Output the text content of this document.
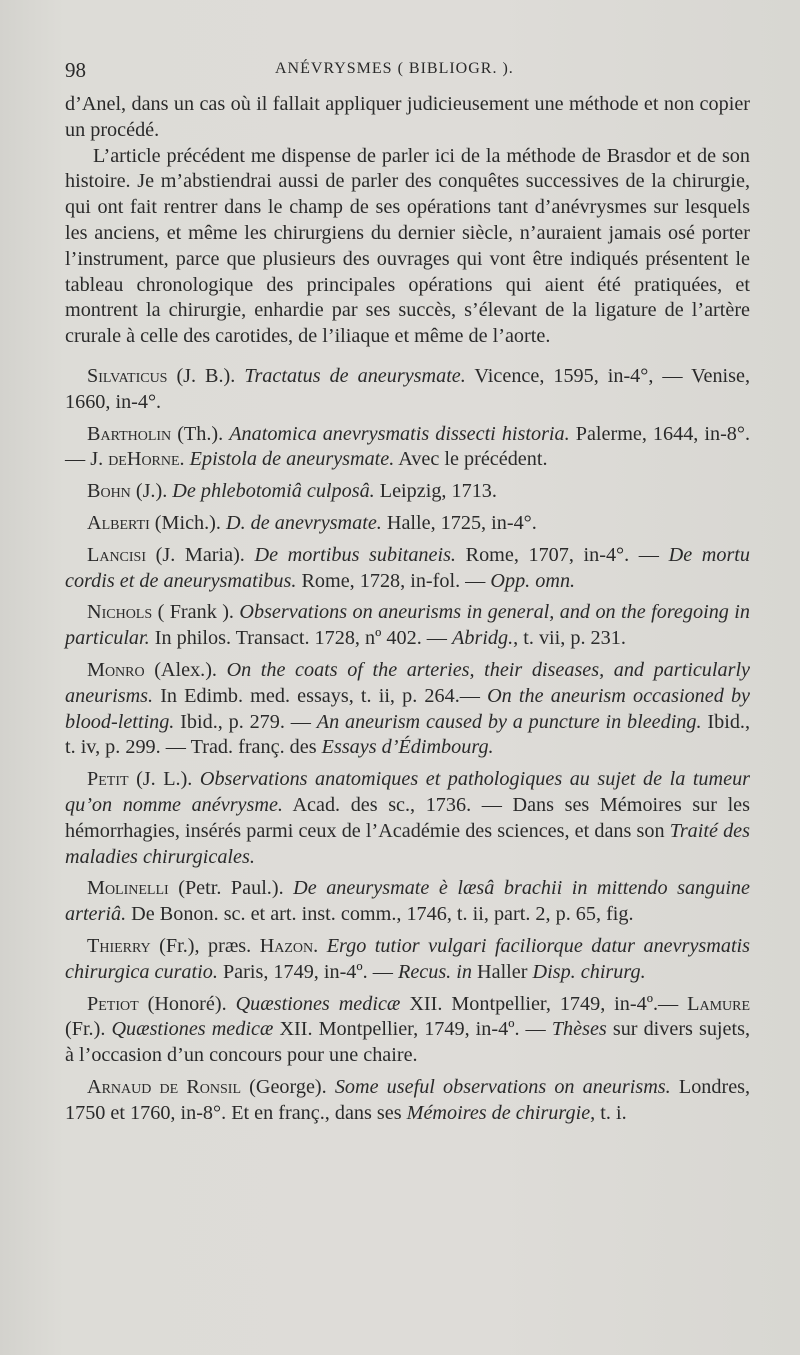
98	ANÉVRYSMES ( BIBLIOGR. ).

d’Anel, dans un cas où il fallait appliquer judicieusement une méthode et non copier un procédé.

L’article précédent me dispense de parler ici de la méthode de Brasdor et de son histoire. Je m’abstiendrai aussi de parler des conquêtes successives de la chirurgie, qui ont fait rentrer dans le champ de ses opérations tant d’anévrysmes sur lesquels les anciens, et même les chirurgiens du dernier siècle, n’auraient jamais osé porter l’instrument, parce que plusieurs des ouvrages qui vont être indiqués présentent le tableau chronologique des principales opérations qui aient été pratiquées, et montrent la chirurgie, enhardie par ses succès, s’élevant de la ligature de l’artère crurale à celle des carotides, de l’iliaque et même de l’aorte.

Silvaticus (J. B.). Tractatus de aneurysmate. Vicence, 1595, in-4°, — Venise, 1660, in-4°.

Bartholin (Th.). Anatomica anevrysmatis dissecti historia. Palerme, 1644, in-8°. — J. deHorne. Epistola de aneurysmate. Avec le précédent.

Bohn (J.). De phlebotomiâ culposâ. Leipzig, 1713.

Alberti (Mich.). D. de anevrysmate. Halle, 1725, in-4°.

Lancisi (J. Maria). De mortibus subitaneis. Rome, 1707, in-4°. — De mortu cordis et de aneurysmatibus. Rome, 1728, in-fol. — Opp. omn.

Nichols ( Frank ). Observations on aneurisms in general, and on the foregoing in particular. In philos. Transact. 1728, nº 402. — Abridg., t. vii, p. 231.

Monro (Alex.). On the coats of the arteries, their diseases, and particularly aneurisms. In Edimb. med. essays, t. ii, p. 264.— On the aneurism occasioned by blood-letting. Ibid., p. 279. — An aneurism caused by a puncture in bleeding. Ibid., t. iv, p. 299. — Trad. franç. des Essays d’Édimbourg.

Petit (J. L.). Observations anatomiques et pathologiques au sujet de la tumeur qu’on nomme anévrysme. Acad. des sc., 1736. — Dans ses Mémoires sur les hémorrhagies, insérés parmi ceux de l’Académie des sciences, et dans son Traité des maladies chirurgicales.

Molinelli (Petr. Paul.). De aneurysmate è læsâ brachii in mittendo sanguine arteriâ. De Bonon. sc. et art. inst. comm., 1746, t. ii, part. 2, p. 65, fig.

Thierry (Fr.), præs. Hazon. Ergo tutior vulgari faciliorque datur anevrysmatis chirurgica curatio. Paris, 1749, in-4º. — Recus. in Haller Disp. chirurg.

Petiot (Honoré). Quæstiones medicæ XII. Montpellier, 1749, in-4º.— Lamure (Fr.). Quæstiones medicæ XII. Montpellier, 1749, in-4º. — Thèses sur divers sujets, à l’occasion d’un concours pour une chaire.

Arnaud de Ronsil (George). Some useful observations on aneurisms. Londres, 1750 et 1760, in-8°. Et en franç., dans ses Mémoires de chirurgie, t. i.
